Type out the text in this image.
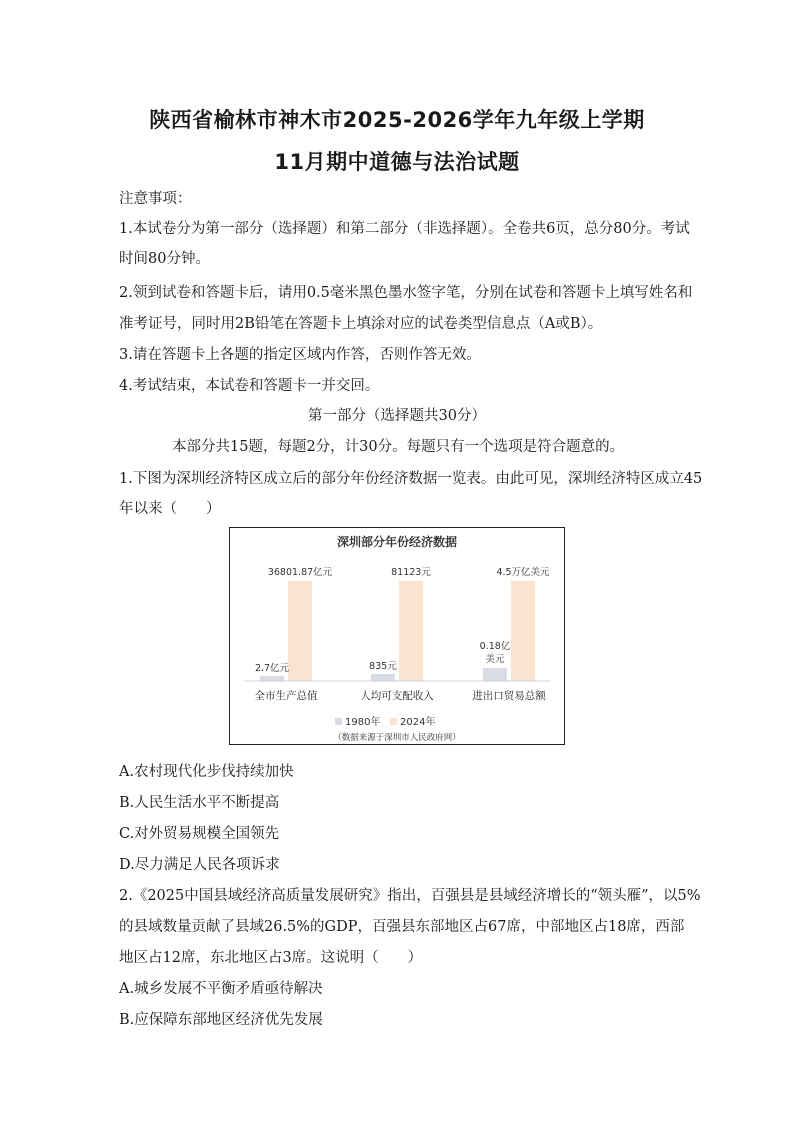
陕西省榆林市神木市2025-2026学年九年级上学期
11月期中道德与法治试题
注意事项：
1.本试卷分为第一部分（选择题）和第二部分（非选择题）。全卷共6页，总分80分。考试
时间80分钟。
2.领到试卷和答题卡后，请用0.5毫米黑色墨水签字笔，分别在试卷和答题卡上填写姓名和
准考证号，同时用2B铅笔在答题卡上填涂对应的试卷类型信息点（A或B）。
3.请在答题卡上各题的指定区域内作答，否则作答无效。
4.考试结束，本试卷和答题卡一并交回。
第一部分（选择题共30分）
本部分共15题，每题2分，计30分。每题只有一个选项是符合题意的。
1.下图为深圳经济特区成立后的部分年份经济数据一览表。由此可见，深圳经济特区成立45
年以来（　　）
深圳部分年份经济数据
2.7亿元
36801.87亿元
全市生产总值
835元
81123元
人均可支配收入
0.18亿
美元
4.5万亿美元
进出口贸易总额
1980年 2024年
（数据来源于深圳市人民政府网）
A.农村现代化步伐持续加快
B.人民生活水平不断提高
C.对外贸易规模全国领先
D.尽力满足人民各项诉求
2.《2025中国县域经济高质量发展研究》指出，百强县是县域经济增长的“领头雁”，以5%
的县域数量贡献了县域26.5%的GDP，百强县东部地区占67席，中部地区占18席，西部
地区占12席，东北地区占3席。这说明（　　）
A.城乡发展不平衡矛盾亟待解决
B.应保障东部地区经济优先发展
